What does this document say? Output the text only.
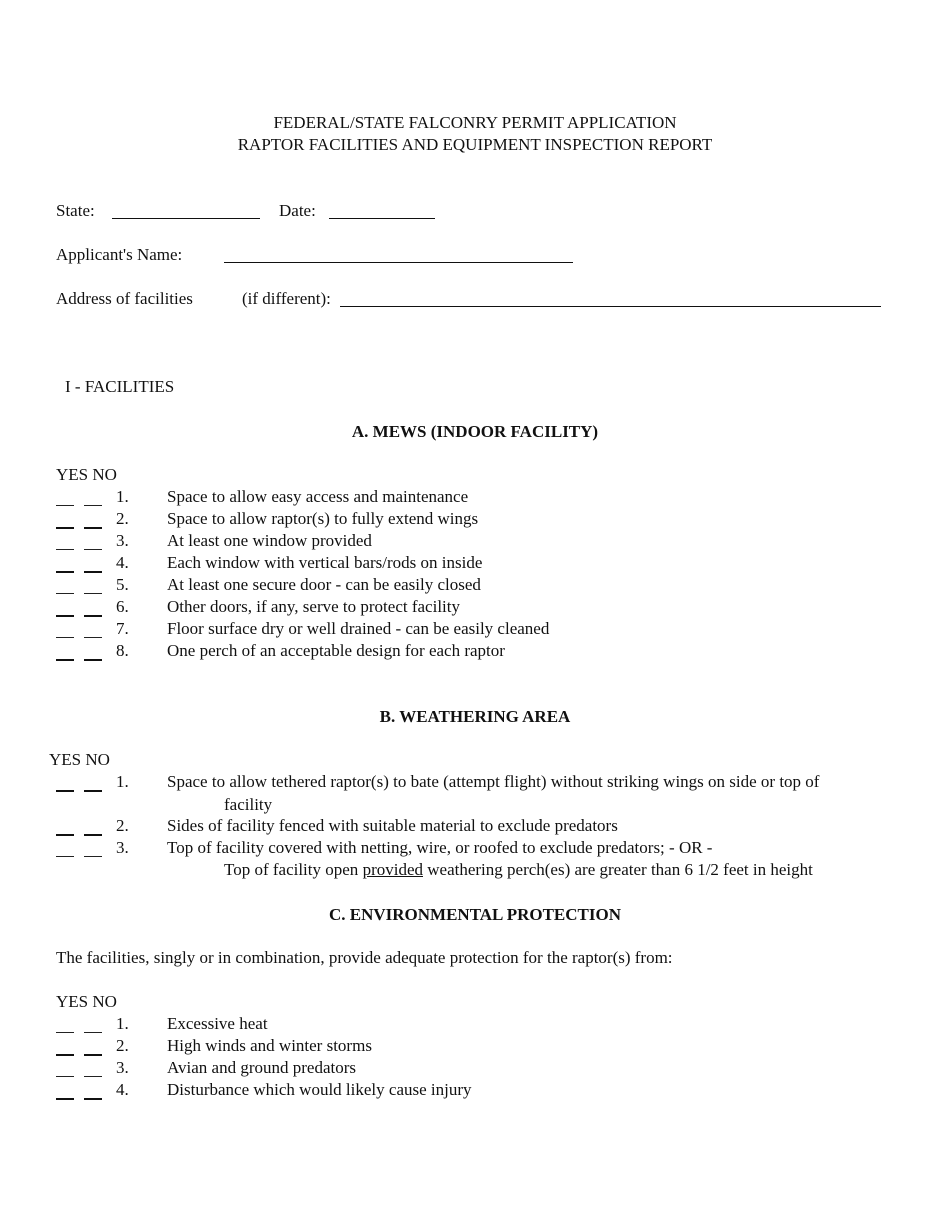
FEDERAL/STATE FALCONRY PERMIT APPLICATION
RAPTOR FACILITIES AND EQUIPMENT INSPECTION REPORT
State:	Date:
Applicant's Name:
Address of facilities	(if different):
I - FACILITIES
A. MEWS (INDOOR FACILITY)
YES NO
1. Space to allow easy access and maintenance
2. Space to allow raptor(s) to fully extend wings
3. At least one window provided
4. Each window with vertical bars/rods on inside
5. At least one secure door - can be easily closed
6. Other doors, if any, serve to protect facility
7. Floor surface dry or well drained - can be easily cleaned
8. One perch of an acceptable design for each raptor
B. WEATHERING AREA
YES NO
1. Space to allow tethered raptor(s) to bate (attempt flight) without striking wings on side or top of
facility
2. Sides of facility fenced with suitable material to exclude predators
3. Top of facility covered with netting, wire, or roofed to exclude predators; - OR -
Top of facility open provided weathering perch(es) are greater than 6 1/2 feet in height
C. ENVIRONMENTAL PROTECTION
The facilities, singly or in combination, provide adequate protection for the raptor(s) from:
YES NO
1. Excessive heat
2. High winds and winter storms
3. Avian and ground predators
4. Disturbance which would likely cause injury
